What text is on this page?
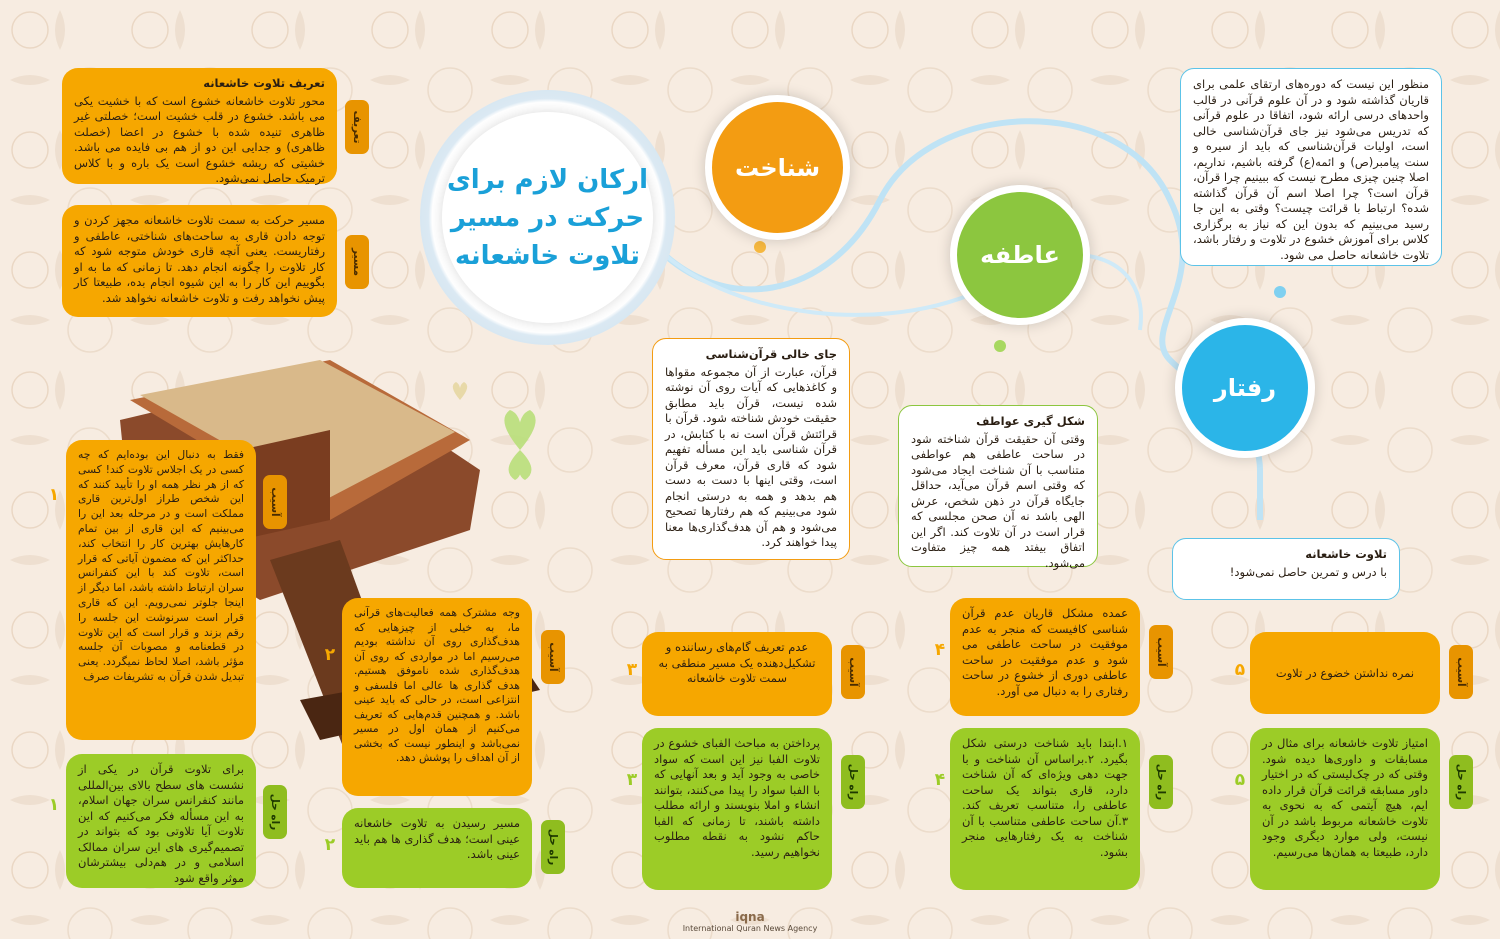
ارکان لازم برای حرکت در مسیر تلاوت خاشعانه
شناخت
عاطفه
رفتار
تعریف تلاوت خاشعانه
محور تلاوت خاشعانه خشوع است که با خشیت یکی می باشد. خشوع در قلب خشیت است؛ خصلتی غیر ظاهری تنیده شده با خشوع در اعضا (خصلت ظاهری) و جدایی این دو از هم بی فایده می باشد. خشیتی که ریشه خشوع است یک باره و با کلاس ترمیک حاصل نمی‌شود.
تعریف
مسیر حرکت به سمت تلاوت خاشعانه مجهز کردن و توجه دادن قاری به ساحت‌های شناختی، عاطفی و رفتاریست. یعنی آنچه قاری خودش متوجه شود که کار تلاوت را چگونه انجام دهد. تا زمانی که ما به او بگوییم این کار را به این شیوه انجام بده، طبیعتا کار پیش نخواهد رفت و تلاوت خاشعانه نخواهد شد.
مسیر
منظور این نیست که دوره‌های ارتقای علمی برای قاریان گذاشته شود و در آن علوم قرآنی در قالب واحدهای درسی ارائه شود، اتفاقا در علوم قرآنی که تدریس می‌شود نیز جای قرآن‌شناسی خالی است، اولیات قرآن‌شناسی که باید از سیره و سنت پیامبر(ص) و ائمه(ع) گرفته باشیم، نداریم، اصلا چنین چیزی مطرح نیست که ببینیم چرا قرآن، قرآن است؟ چرا اصلا اسم آن قرآن گذاشته شده؟ ارتباط با قرائت چیست؟ وقتی به این جا رسید می‌بینیم که بدون این که نیاز به برگزاری کلاس برای آموزش خشوع در تلاوت و رفتار باشد، تلاوت خاشعانه حاصل می شود.
جای خالی قرآن‌شناسی
قرآن، عبارت از آن مجموعه مقواها و کاغذهایی که آیات روی آن نوشته شده نیست، قرآن باید مطابق حقیقت خودش شناخته شود. قرآن با قرائتش قرآن است نه با کتابش، در قرآن شناسی باید این مسأله تفهیم شود که قاری قرآن، معرف قرآن است، وقتی اینها با دست به دست هم بدهد و همه به درستی انجام شود می‌بینیم که هم رفتارها تصحیح می‌شود و هم آن هدف‌گذاری‌ها معنا پیدا خواهند کرد.
شکل گیری عواطف
وقتی آن حقیقت قرآن شناخته شود در ساحت عاطفی هم عواطفی متناسب با آن شناخت ایجاد می‌شود که وقتی اسم قرآن می‌آید، حداقل جایگاه قرآن در ذهن شخص، عرش الهی باشد نه آن صحن مجلسی که قرار است در آن تلاوت کند. اگر این اتفاق بیفتد همه چیز متفاوت می‌شود.
تلاوت خاشعانه
با درس و تمرین حاصل نمی‌شود!
فقط به دنبال این بوده‌ایم که چه کسی در یک اجلاس تلاوت کند! کسی که از هر نظر همه او را تأیید کنند که این شخص طراز اول‌ترین قاری مملکت است و در مرحله بعد این را می‌بینیم که این قاری از بین تمام کارهایش بهترین کار را انتخاب کند، حداکثر این که مضمون آیاتی که قرار است، تلاوت کند با این کنفرانس سران ارتباط داشته باشد، اما دیگر از اینجا جلوتر نمی‌رویم. این که قاری قرار است سرنوشت این جلسه را رقم بزند و قرار است که این تلاوت در قطعنامه و مصوبات آن جلسه مؤثر باشد، اصلا لحاظ نمیگردد. یعنی تبدیل شدن قرآن به تشریفات صرف
آسیب
۱
وجه مشترک همه فعالیت‌های قرآنی ما، به خیلی از چیزهایی که هدف‌گذاری روی آن نداشته بودیم می‌رسیم اما در مواردی که روی آن هدف‌گذاری شده ناموفق هستیم. هدف گذاری ها عالی اما فلسفی و انتزاعی است، در حالی که باید عینی باشد. و همچنین قدم‌هایی که تعریف می‌کنیم از همان اول در مسیر نمی‌باشد و اینطور نیست که بخشی از آن اهداف را پوشش دهد.
آسیب
۲	عدم تعریف گام‌های رساننده و تشکیل‌دهنده یک مسیر منطقی به سمت تلاوت خاشعانه	آسیب
۳
عمده مشکل قاریان عدم قرآن شناسی کافیست که منجر به عدم موفقیت در ساحت عاطفی می شود و عدم موفقیت در ساحت عاطفی دوری از خشوع در ساحت رفتاری را به دنبال می آورد.
آسیب
۴
نمره نداشتن خضوع در تلاوت	آسیب
۵
برای تلاوت قرآن در یکی از نشست های سطح بالای بین‌المللی مانند کنفرانس سران جهان اسلام، به این مسأله فکر می‌کنیم که این تلاوت آیا تلاوتی بود که بتواند در تصمیم‌گیری های این سران ممالک اسلامی و در هم‌دلی بیشترشان موثر واقع شود
راه حل
۱
مسیر رسیدن به تلاوت خاشعانه عینی است؛ هدف گذاری ها هم باید عینی باشد.	راه حل
۲
پرداختن به مباحث الفبای خشوع در تلاوت الفبا نیز این است که سواد خاصی به وجود آید و بعد آنهایی که با الفبا سواد را پیدا می‌کنند، بتوانند انشاء و املا بنویسند و ارائه مطلب داشته باشند، تا زمانی که الفبا حاکم نشود به نقطه مطلوب نخواهیم رسید.
راه حل
۳
۱.ابتدا باید شناخت درستی شکل بگیرد. ۲.براساس آن شناخت و با جهت دهی ویژه‌ای که آن شناخت دارد، قاری بتواند یک ساحت عاطفی را، متناسب تعریف کند. ۳.آن ساحت عاطفی متناسب با آن شناخت به یک رفتارهایی منجر بشود.
راه حل
۴
امتیاز تلاوت خاشعانه برای مثال در مسابقات و داوری‌ها دیده شود. وقتی که در چک‌لیستی که در اختیار داور مسابقه قرائت قرآن قرار داده ایم، هیچ آیتمی که به نحوی به تلاوت خاشعانه مربوط باشد در آن نیست، ولی موارد دیگری وجود دارد، طبیعتا به همان‌ها می‌رسیم.
راه حل
۵
iqna
International Quran News Agency
